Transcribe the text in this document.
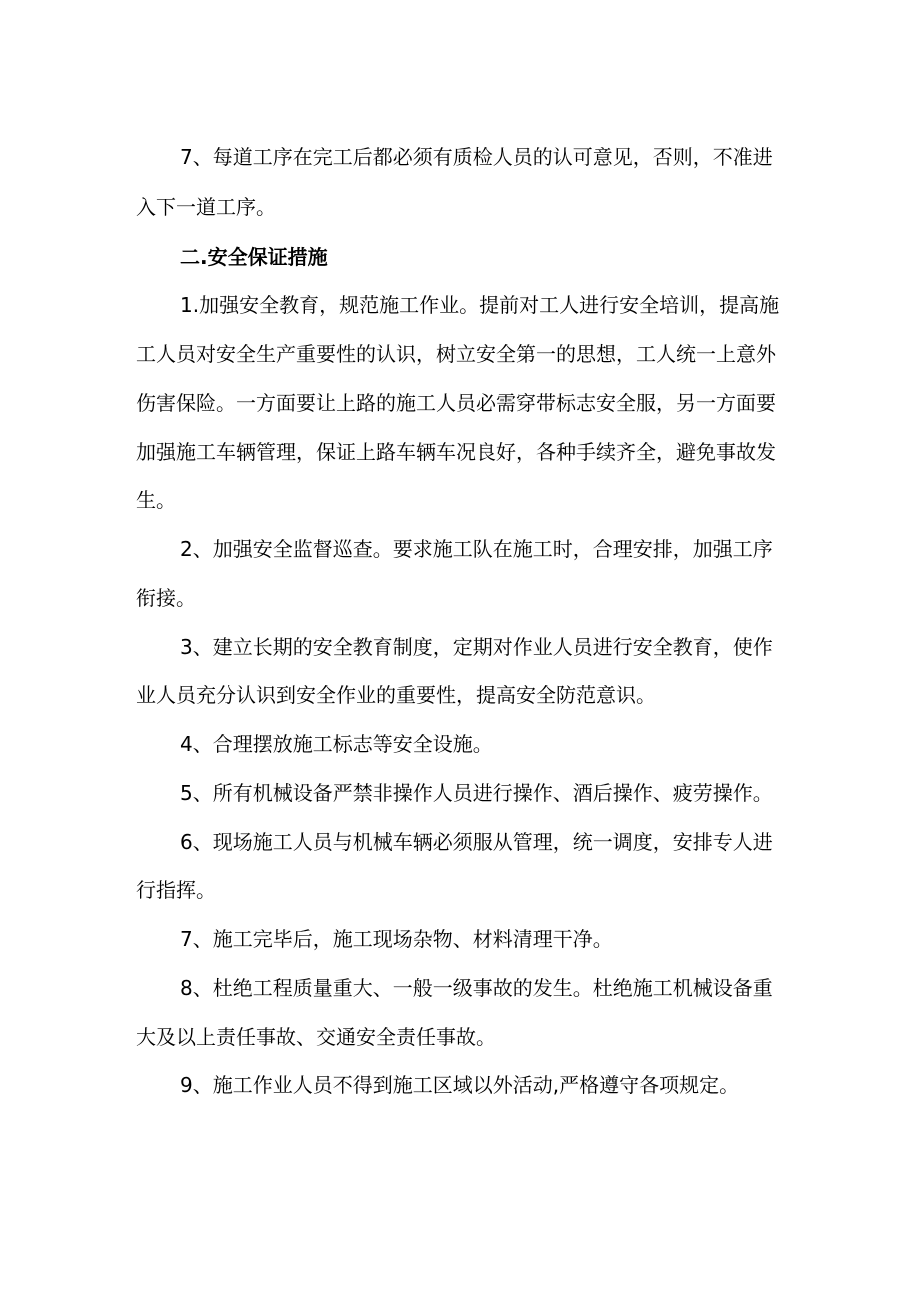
7、每道工序在完工后都必须有质检人员的认可意见，否则，不准进
入下一道工序。
二.安全保证措施
1.加强安全教育，规范施工作业。提前对工人进行安全培训，提高施
工人员对安全生产重要性的认识，树立安全第一的思想，工人统一上意外
伤害保险。一方面要让上路的施工人员必需穿带标志安全服，另一方面要
加强施工车辆管理，保证上路车辆车况良好，各种手续齐全，避免事故发
生。
2、加强安全监督巡查。要求施工队在施工时，合理安排，加强工序
衔接。
3、建立长期的安全教育制度，定期对作业人员进行安全教育，使作
业人员充分认识到安全作业的重要性，提高安全防范意识。
4、合理摆放施工标志等安全设施。
5、所有机械设备严禁非操作人员进行操作、酒后操作、疲劳操作。
6、现场施工人员与机械车辆必须服从管理，统一调度，安排专人进
行指挥。
7、施工完毕后，施工现场杂物、材料清理干净。
8、杜绝工程质量重大、一般一级事故的发生。杜绝施工机械设备重
大及以上责任事故、交通安全责任事故。
9、施工作业人员不得到施工区域以外活动,严格遵守各项规定。
